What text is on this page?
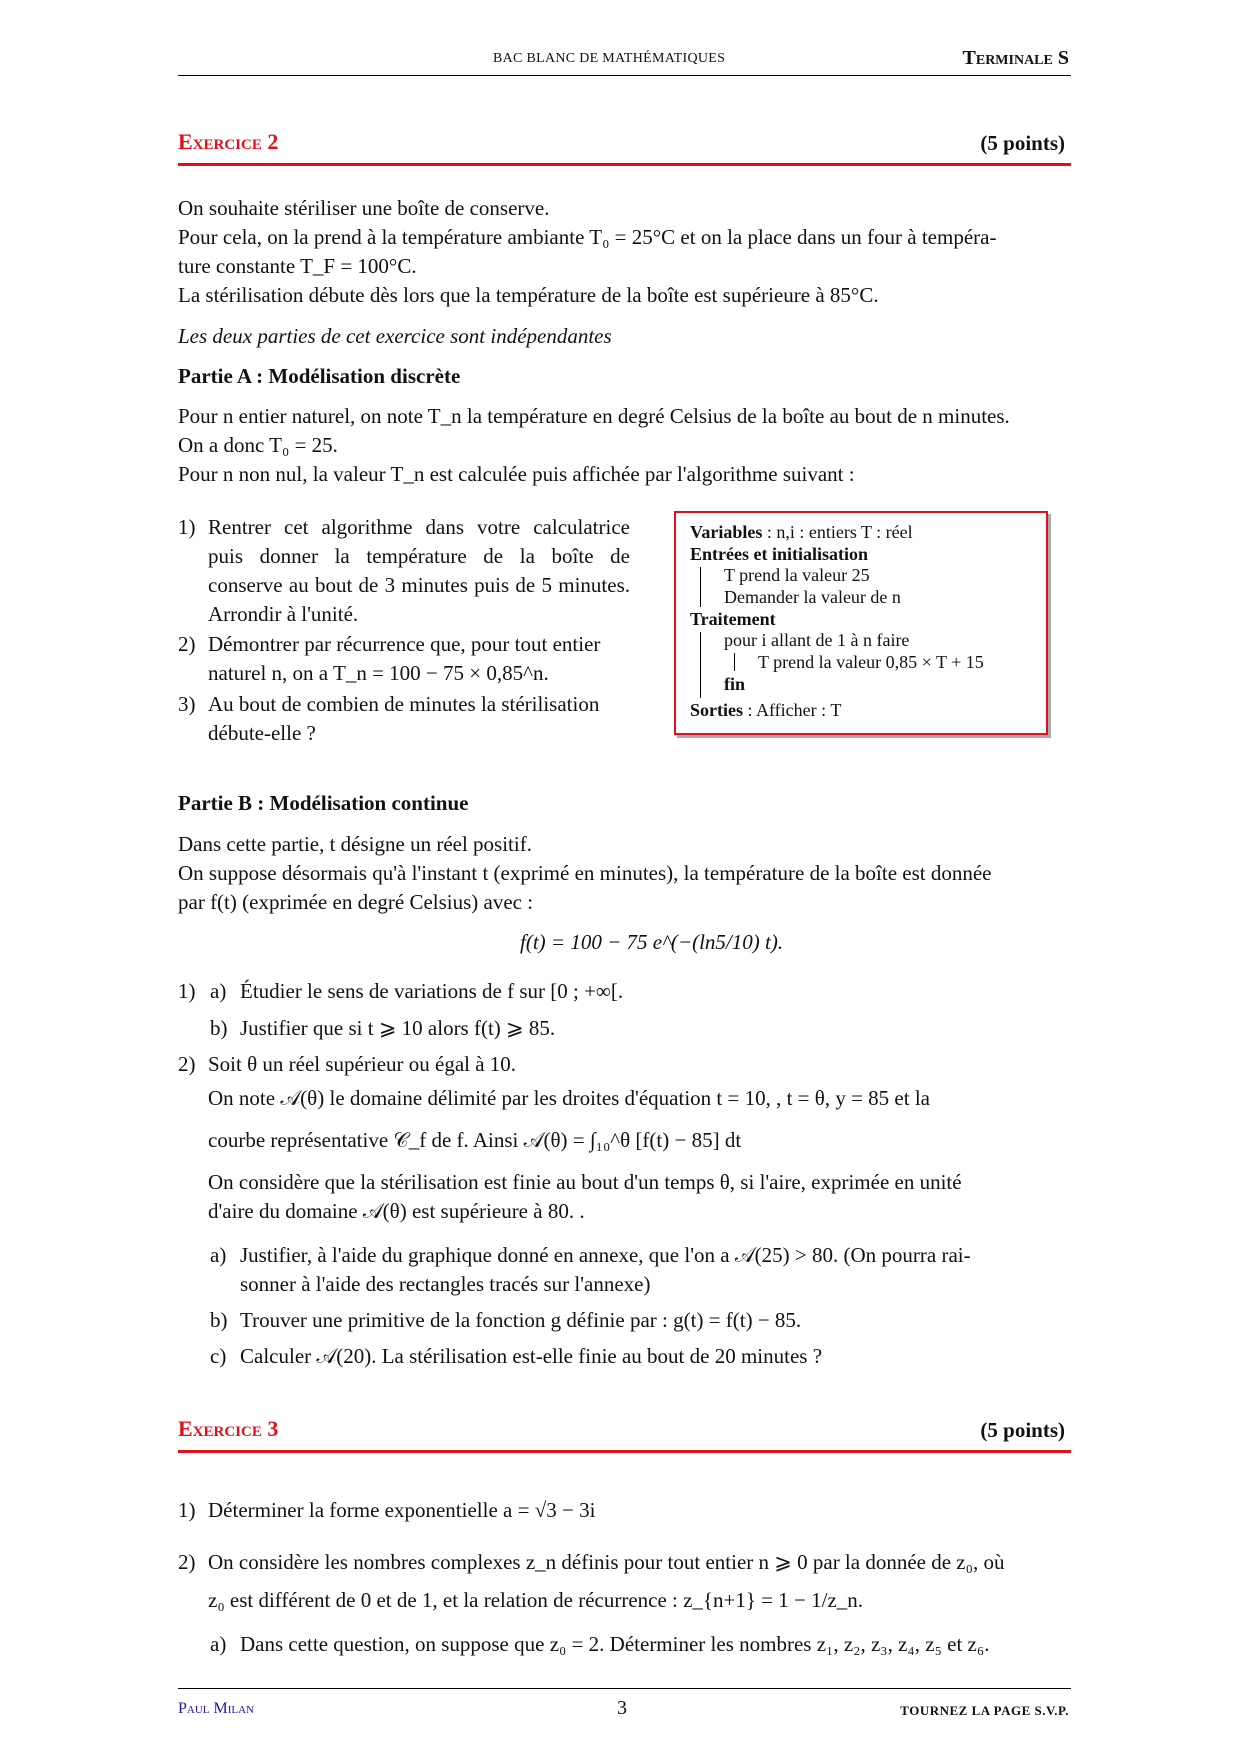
BAC BLANC DE MATHÉMATIQUES	Terminale S
Exercice 2	(5 points)

On souhaite stériliser une boîte de conserve.

Pour cela, on la prend à la température ambiante T₀ = 25°C et on la place dans un four à tempéra-

ture constante T_F = 100°C.

La stérilisation débute dès lors que la température de la boîte est supérieure à 85°C.

Les deux parties de cet exercice sont indépendantes

Partie A : Modélisation discrète

Pour n entier naturel, on note T_n la température en degré Celsius de la boîte au bout de n minutes.

On a donc T₀ = 25.

Pour n non nul, la valeur T_n est calculée puis affichée par l'algorithme suivant :

1) Rentrer cet algorithme dans votre calculatrice puis donner la température de la boîte de conserve au bout de 3 minutes puis de 5 minutes. Arrondir à l'unité.
2) Démontrer par récurrence que, pour tout entier naturel n, on a T_n = 100 − 75 × 0,85^n.
3) Au bout de combien de minutes la stérilisation débute-elle ?
Variables : n,i : entiers T : réel
Entrées et initialisation
T prend la valeur 25
Demander la valeur de n
Traitement
pour i allant de 1 à n faire
T prend la valeur 0,85 × T + 15
fin
Sorties : Afficher : T

Partie B : Modélisation continue

Dans cette partie, t désigne un réel positif.

On suppose désormais qu'à l'instant t (exprimé en minutes), la température de la boîte est donnée

par f(t) (exprimée en degré Celsius) avec :

f(t) = 100 − 75 e^(−(ln5/10) t).
1) a) Étudier le sens de variations de f sur [0 ; +∞[.
b) Justifier que si t ⩾ 10 alors f(t) ⩾ 85.
2) Soit θ un réel supérieur ou égal à 10.

On note 𝒜(θ) le domaine délimité par les droites d'équation t = 10, , t = θ, y = 85 et la

courbe représentative 𝒞_f de f. Ainsi 𝒜(θ) = ∫₁₀^θ [f(t) − 85] dt

On considère que la stérilisation est finie au bout d'un temps θ, si l'aire, exprimée en unité

d'aire du domaine 𝒜(θ) est supérieure à 80. .

a) Justifier, à l'aide du graphique donné en annexe, que l'on a 𝒜(25) > 80. (On pourra rai-
sonner à l'aide des rectangles tracés sur l'annexe)
b) Trouver une primitive de la fonction g définie par : g(t) = f(t) − 85.
c) Calculer 𝒜(20). La stérilisation est-elle finie au bout de 20 minutes ?
Exercice 3	(5 points)
1) Déterminer la forme exponentielle a = √3 − 3i
2) On considère les nombres complexes z_n définis pour tout entier n ⩾ 0 par la donnée de z₀, où

z₀ est différent de 0 et de 1, et la relation de récurrence : z_{n+1} = 1 − 1/z_n.

a) Dans cette question, on suppose que z₀ = 2. Déterminer les nombres z₁, z₂, z₃, z₄, z₅ et z₆.
Paul Milan	3	TOURNEZ LA PAGE S.V.P.
